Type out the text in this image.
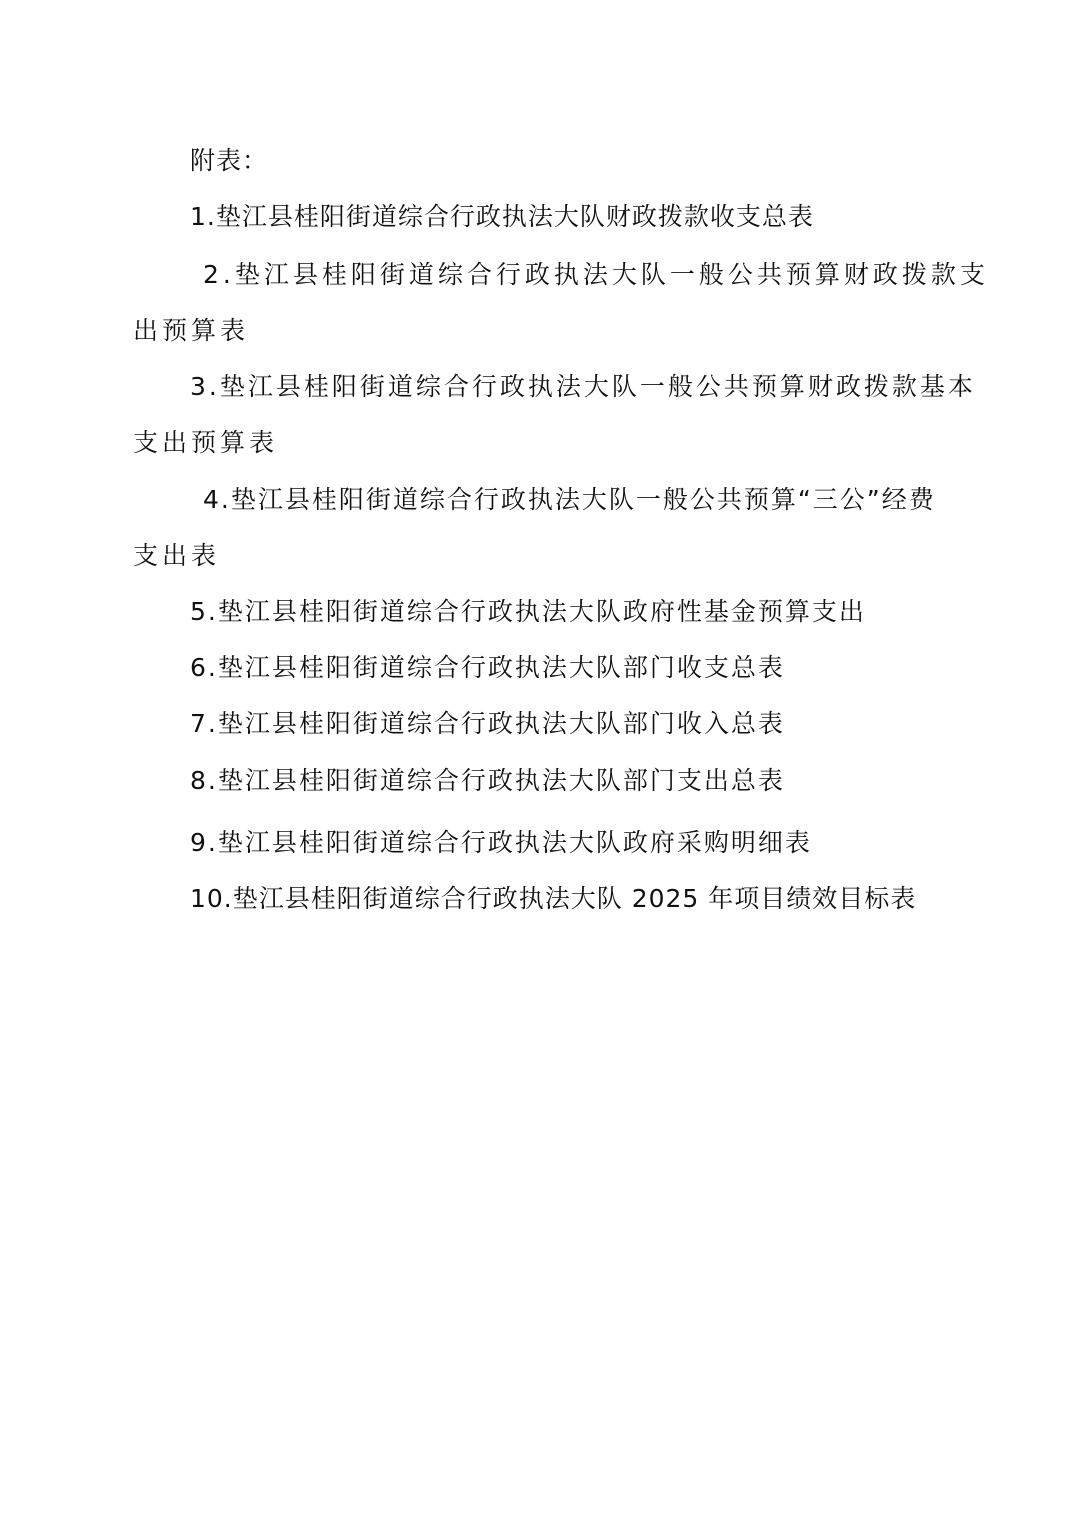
附表：
1.垫江县桂阳街道综合行政执法大队财政拨款收支总表
2.垫江县桂阳街道综合行政执法大队一般公共预算财政拨款支
出预算表
3.垫江县桂阳街道综合行政执法大队一般公共预算财政拨款基本
支出预算表
4.垫江县桂阳街道综合行政执法大队一般公共预算“三公”经费
支出表
5.垫江县桂阳街道综合行政执法大队政府性基金预算支出
6.垫江县桂阳街道综合行政执法大队部门收支总表
7.垫江县桂阳街道综合行政执法大队部门收入总表
8.垫江县桂阳街道综合行政执法大队部门支出总表
9.垫江县桂阳街道综合行政执法大队政府采购明细表
10.垫江县桂阳街道综合行政执法大队 2025 年项目绩效目标表
